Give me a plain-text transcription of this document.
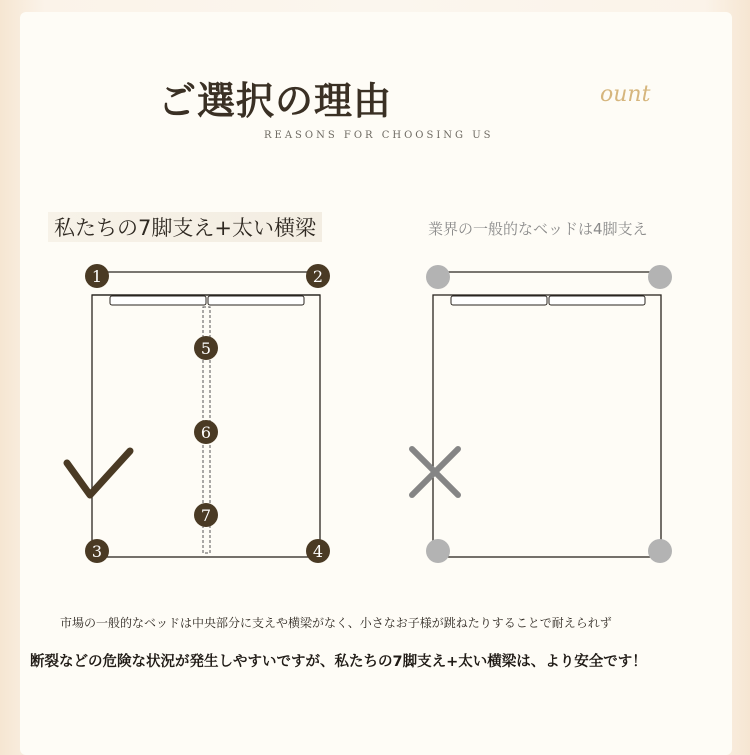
ご選択の理由	ount
REASONS FOR CHOOSING US
私たちの7脚支え+太い横梁	業界の一般的なベッドは4脚支え
1	2
3	4
5
6
7
市場の一般的なベッドは中央部分に支えや横梁がなく、小さなお子様が跳ねたりすることで耐えられず
断裂などの危険な状況が発生しやすいですが、私たちの7脚支え+太い横梁は、より安全です！
